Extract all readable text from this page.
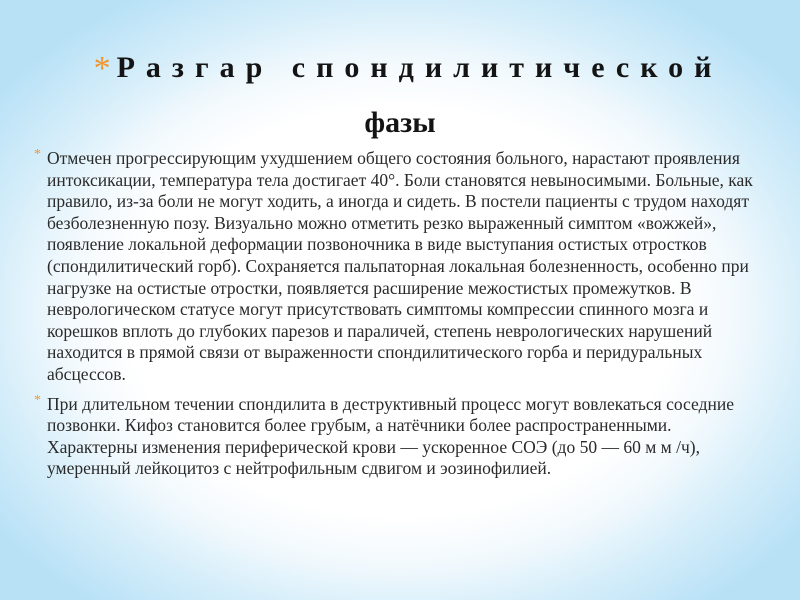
* Разгар спондилитической
фазы
* Отмечен прогрессирующим ухудшением общего состояния больного, нарастают проявления интоксикации, температура тела достигает 40°. Боли становятся невыносимыми. Больные, как правило, из-за боли не могут ходить, а иногда и сидеть. В постели пациенты с трудом находят безболезненную позу. Визуально можно отметить резко выраженный симптом «вожжей», появление локальной деформации позвоночника в виде выступания остистых отростков (спондилитический горб). Сохраняется пальпаторная локальная болезненность, особенно при нагрузке на остистые отростки, появляется расширение межостистых промежутков. В неврологическом статусе могут присутствовать симптомы компрессии спинного мозга и корешков вплоть до глубоких парезов и параличей, степень неврологических нарушений находится в прямой связи от выраженности спондилитического горба и перидуральных абсцессов.
* При длительном течении спондилита в деструктивный процесс могут вовлекаться соседние позвонки. Кифоз становится более грубым, а натёчники более распространенными. Характерны изменения периферической крови — ускоренное СОЭ (до 50 — 60 м м /ч), умеренный лейкоцитоз с нейтрофильным сдвигом и эозинофилией.
